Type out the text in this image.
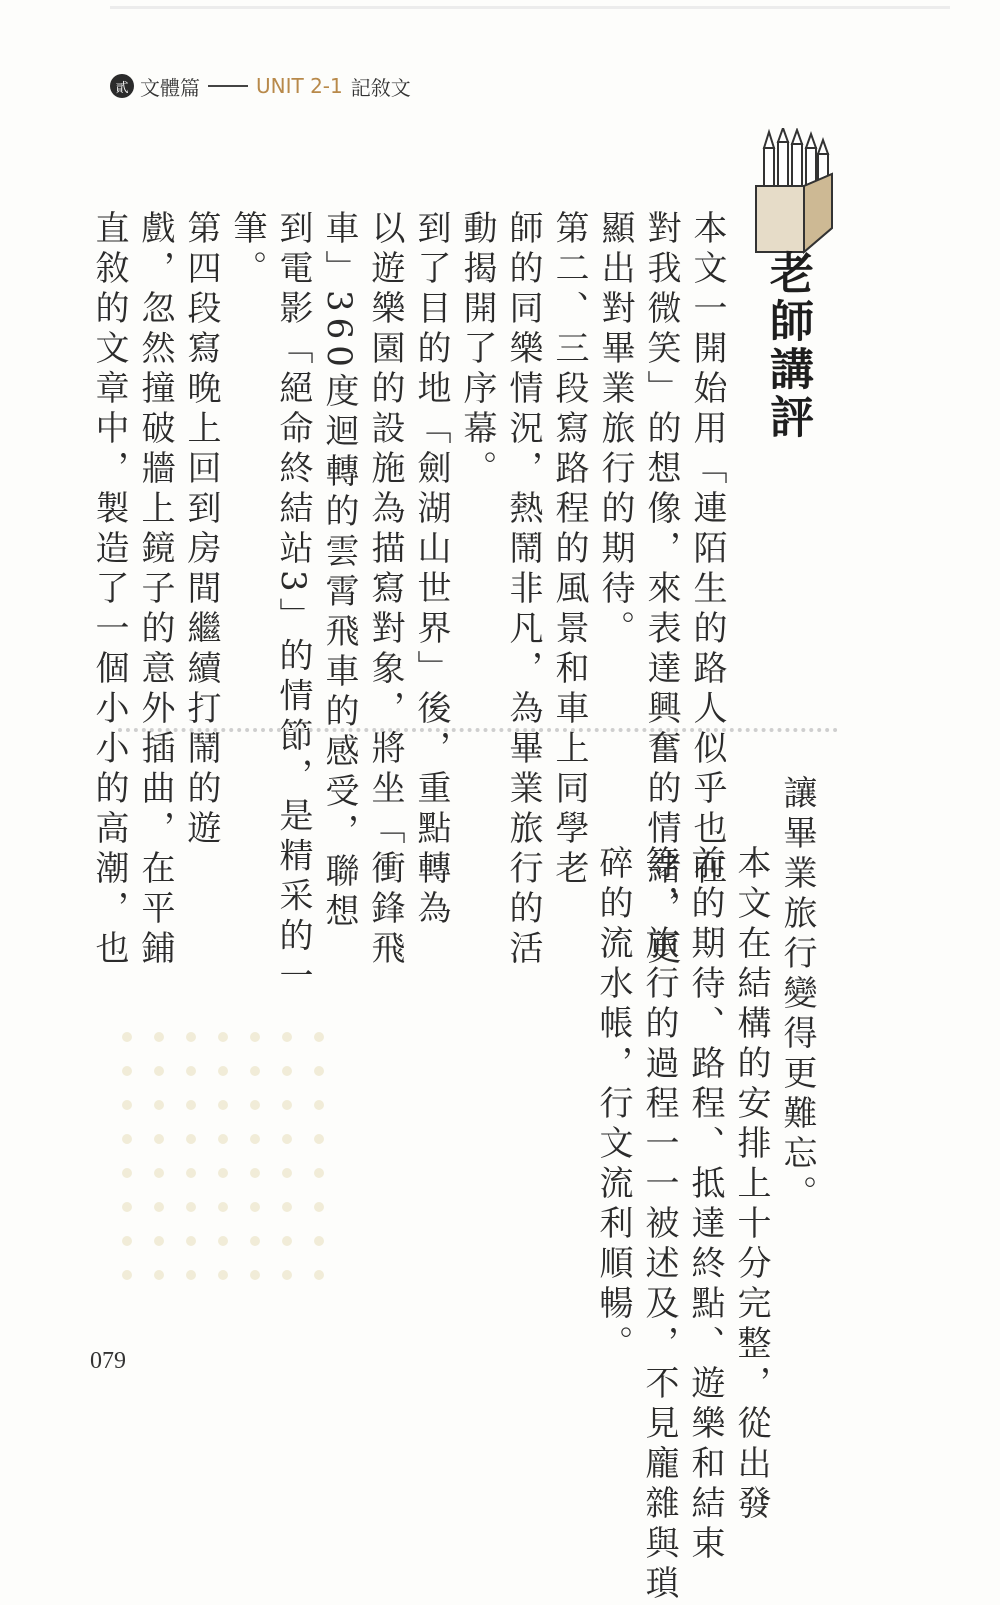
貳 文體篇	UNIT 2-1 記敘文
老師講評

本文一開始用「連陌生的路人似乎也在
對我微笑」的想像，來表達興奮的情緒，更
顯出對畢業旅行的期待。

第二、三段寫路程的風景和車上同學老
師的同樂情況，熱鬧非凡，為畢業旅行的活
動揭開了序幕。

到了目的地「劍湖山世界」後，重點轉為
以遊樂園的設施為描寫對象，將坐「衝鋒飛
車」360度迴轉的雲霄飛車的感受，聯想
到電影「絕命終結站3」的情節，是精采的一
筆。

第四段寫晚上回到房間繼續打鬧的遊
戲，忽然撞破牆上鏡子的意外插曲，在平鋪
直敘的文章中，製造了一個小小的高潮，也

讓畢業旅行變得更難忘。

本文在結構的安排上十分完整，從出發
前的期待、路程、抵達終點、遊樂和結束
等，旅行的過程一一被述及，不見龐雜與瑣
碎的流水帳，行文流利順暢。

079
